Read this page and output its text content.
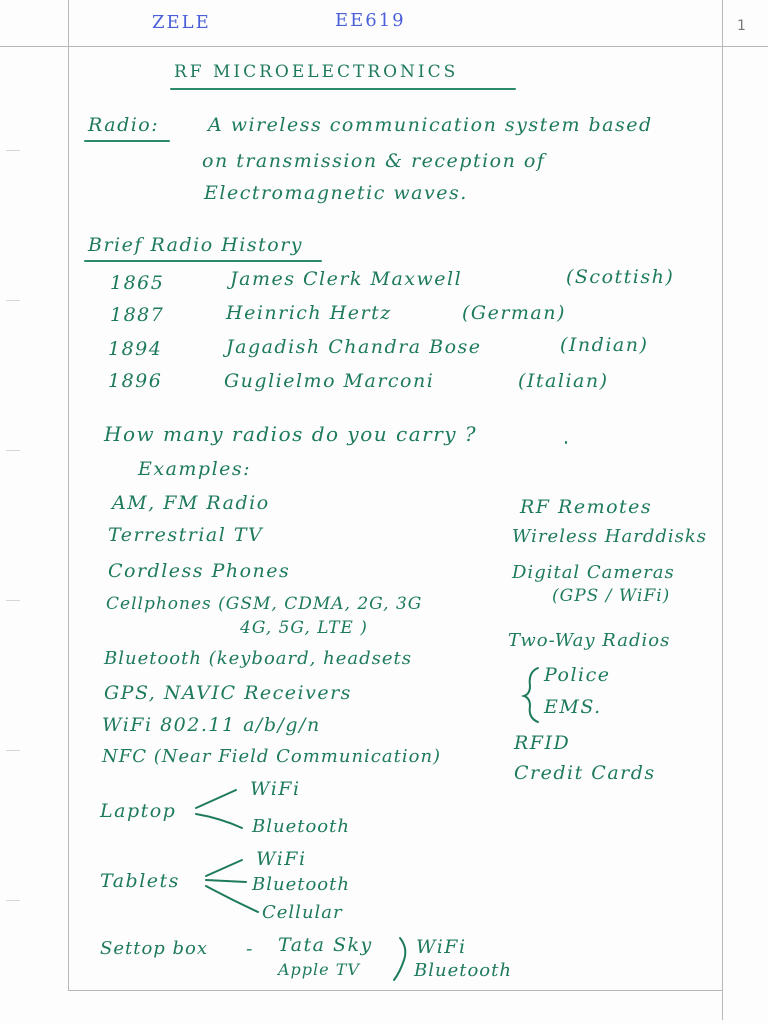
ZELE	EE619	1
RF MICROELECTRONICS
Radio:	A wireless communication system based
on transmission & reception of
Electromagnetic waves.
Brief Radio History
1865	James Clerk Maxwell	(Scottish)
1887	Heinrich Hertz	(German)
1894	Jagadish Chandra Bose	(Indian)
1896	Guglielmo Marconi	(Italian)
How many radios do you carry ?
Examples:
AM, FM Radio
Terrestrial TV
Cordless Phones
Cellphones (GSM, CDMA, 2G, 3G
4G, 5G, LTE )
Bluetooth (keyboard, headsets
GPS, NAVIC Receivers
WiFi 802.11 a/b/g/n
NFC (Near Field Communication)
RF Remotes
Wireless Harddisks
Digital Cameras
(GPS / WiFi)
Two-Way Radios
Police
EMS.
RFID
Credit Cards
Laptop
WiFi
Bluetooth
Tablets
WiFi
Bluetooth
Cellular
Settop box - Tata Sky
Apple TV
WiFi
Bluetooth
